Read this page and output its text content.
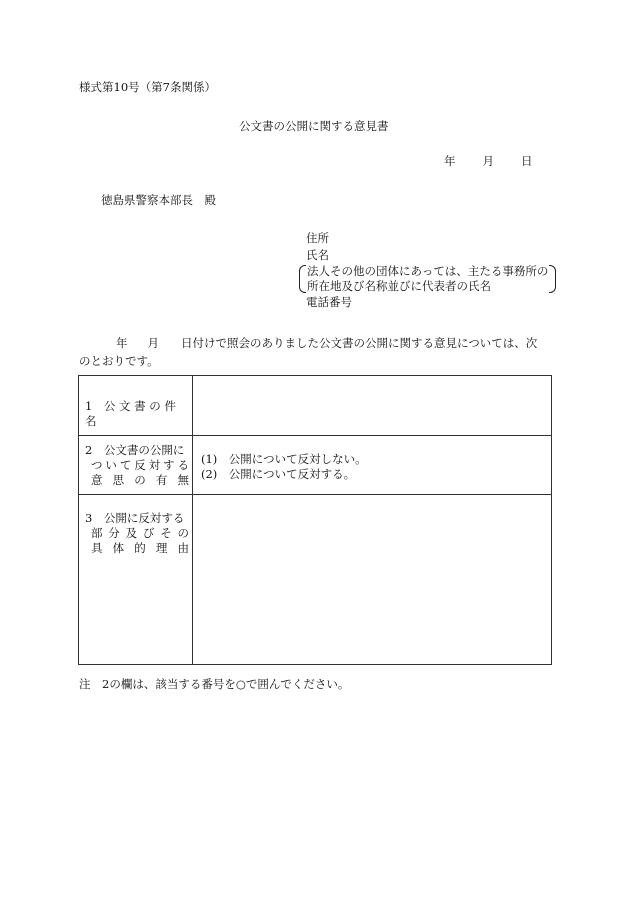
様式第10号（第7条関係）
公文書の公開に関する意見書
年 月 日
徳島県警察本部長　殿
住所
氏名
法人その他の団体にあっては、主たる事務所の
所在地及び名称並びに代表者の氏名
電話番号
年 月 日付けで照会のありました公文書の公開に関する意見については、次
のとおりです。
1　 公 文 書 の 件 名
2　 公文書の公開に
つ い て 反 対 す る
意 思 の 有 無
(1)　 公開について反対しない。
(2)　 公開について反対する。
3　 公開に反対する
部 分 及 び そ の
具 体 的 理 由
注　2の欄は、該当する番号を○で囲んでください。
